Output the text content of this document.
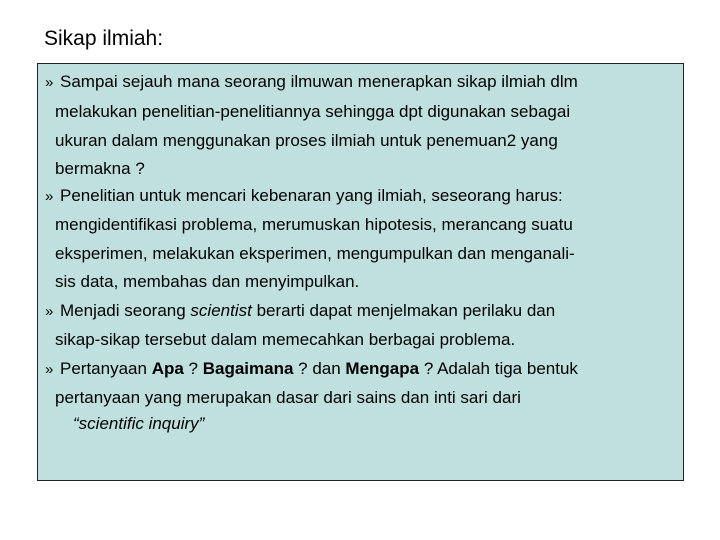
Sikap ilmiah:
» Sampai sejauh mana seorang ilmuwan menerapkan sikap ilmiah dlm
melakukan penelitian-penelitiannya sehingga dpt digunakan sebagai
ukuran dalam menggunakan proses ilmiah untuk penemuan2 yang
bermakna ?
» Penelitian untuk mencari kebenaran yang ilmiah, seseorang harus:
mengidentifikasi problema, merumuskan hipotesis, merancang suatu
eksperimen, melakukan eksperimen, mengumpulkan dan menganali-
sis data, membahas dan menyimpulkan.
» Menjadi seorang scientist berarti dapat menjelmakan perilaku dan
sikap-sikap tersebut dalam memecahkan berbagai problema.
» Pertanyaan Apa ? Bagaimana ? dan Mengapa ? Adalah tiga bentuk
pertanyaan yang merupakan dasar dari sains dan inti sari dari
“scientific inquiry”
